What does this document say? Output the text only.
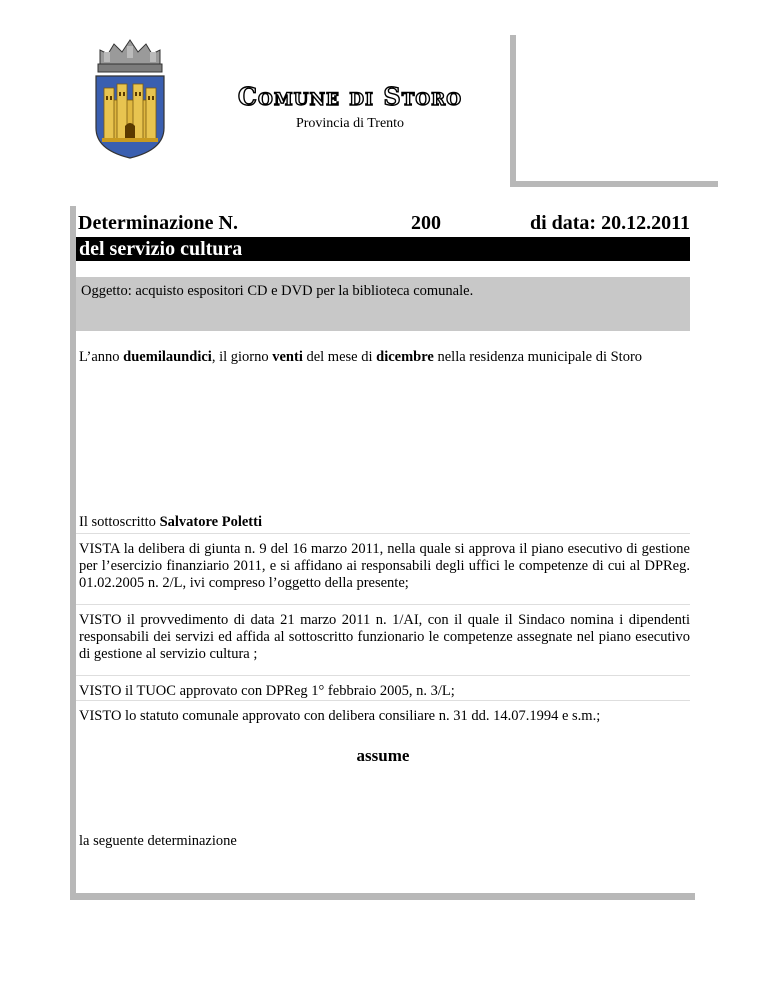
Comune di Storo
Provincia di Trento
Determinazione N.	200	di data: 20.12.2011
del servizio cultura
Oggetto: acquisto espositori CD e DVD per la biblioteca comunale.
L’anno duemilaundici, il giorno venti del mese di dicembre nella residenza municipale di Storo
Il sottoscritto Salvatore Poletti
VISTA la delibera di giunta n. 9 del 16 marzo 2011, nella quale si approva il piano esecutivo di gestione per l’esercizio finanziario 2011, e si affidano ai responsabili degli uffici le competenze di cui al DPReg. 01.02.2005 n. 2/L, ivi compreso l’oggetto della presente;
VISTO il provvedimento di data 21 marzo 2011 n. 1/AI, con il quale il Sindaco nomina i dipendenti responsabili dei servizi ed affida al sottoscritto funzionario le competenze assegnate nel piano esecutivo di gestione al servizio cultura ;
VISTO il TUOC approvato con DPReg 1° febbraio 2005, n. 3/L;
VISTO lo statuto comunale approvato con delibera consiliare n. 31 dd. 14.07.1994 e s.m.;
assume
la seguente determinazione
